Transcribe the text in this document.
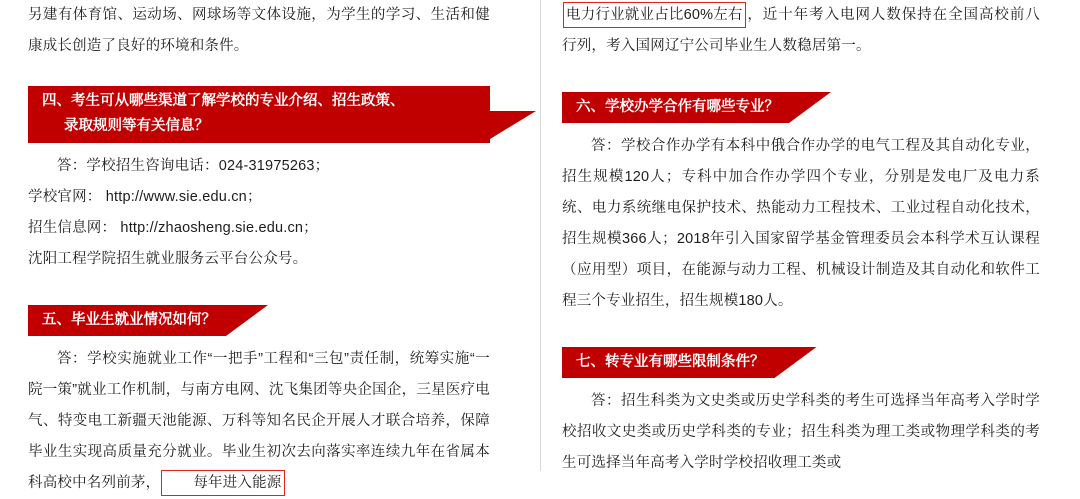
另建有体育馆、运动场、网球场等文体设施，为学生的学习、生活和健康成长创造了良好的环境和条件。

四、考生可从哪些渠道了解学校的专业介绍、招生政策、
录取规则等有关信息？

答：学校招生咨询电话：024-31975263；

学校官网： http://www.sie.edu.cn；

招生信息网： http://zhaosheng.sie.edu.cn；

沈阳工程学院招生就业服务云平台公众号。

五、毕业生就业情况如何？

答：学校实施就业工作“一把手”工程和“三包”责任制，统筹实施“一院一策”就业工作机制，与南方电网、沈飞集团等央企国企，三星医疗电气、特变电工新疆天池能源、万科等知名民企开展人才联合培养，保障毕业生实现高质量充分就业。毕业生初次去向落实率连续九年在省属本科高校中名列前茅， 每年进入能源

电力行业就业占比60%左右 ，近十年考入电网人数保持在全国高校前八行列，考入国网辽宁公司毕业生人数稳居第一。

六、学校办学合作有哪些专业？

答：学校合作办学有本科中俄合作办学的电气工程及其自动化专业，招生规模120人；专科中加合作办学四个专业，分别是发电厂及电力系统、电力系统继电保护技术、热能动力工程技术、工业过程自动化技术，招生规模366人；2018年引入国家留学基金管理委员会本科学术互认课程（应用型）项目，在能源与动力工程、机械设计制造及其自动化和软件工程三个专业招生，招生规模180人。

七、转专业有哪些限制条件？

答：招生科类为文史类或历史学科类的考生可选择当年高考入学时学校招收文史类或历史学科类的专业；招生科类为理工类或物理学科类的考生可选择当年高考入学时学校招收理工类或
